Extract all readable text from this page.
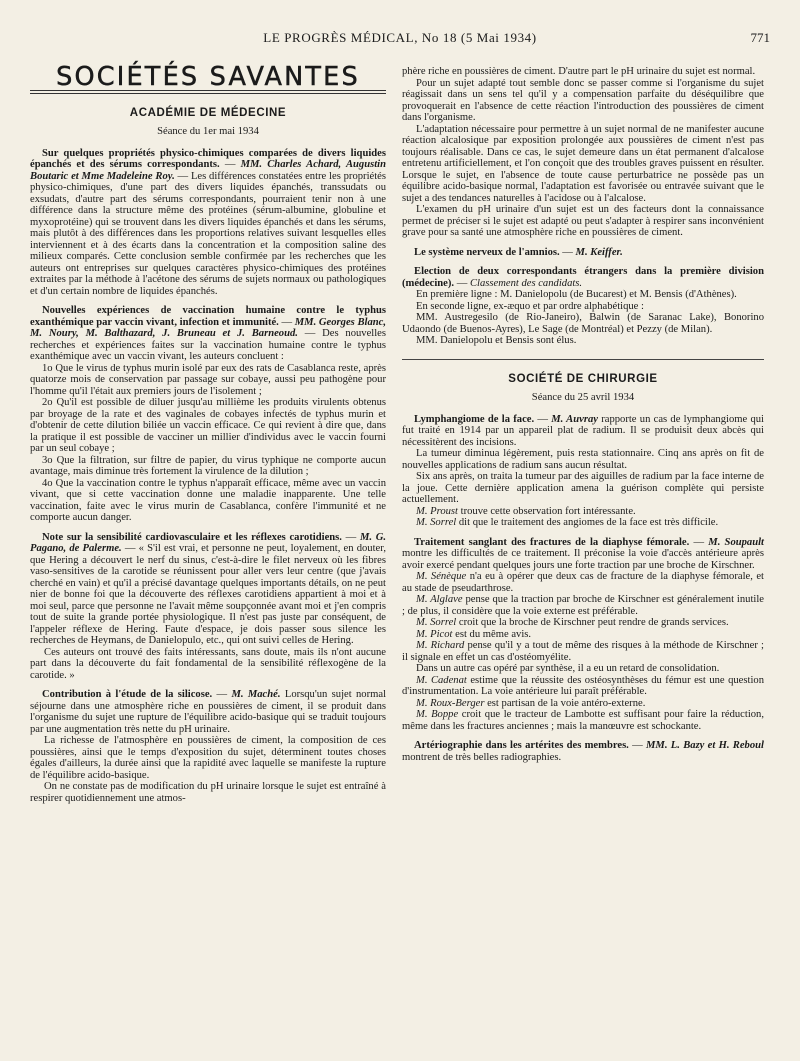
LE PROGRÈS MÉDICAL, No 18 (5 Mai 1934)	771
SOCIÉTÉS SAVANTES
ACADÉMIE DE MÉDECINE
Séance du 1er mai 1934

Sur quelques propriétés physico-chimiques comparées de divers liquides épanchés et des sérums correspondants. — MM. Charles Achard, Augustin Boutaric et Mme Madeleine Roy. — Les différences constatées entre les propriétés physico-chimiques, d'une part des divers liquides épanchés, transsudats ou exsudats, d'autre part des sérums correspondants, pourraient tenir non à une différence dans la structure même des protéines (sérum-albumine, globuline et myxoprotéine) qui se trouvent dans les divers liquides épanchés et dans les sérums, mais plutôt à des différences dans les proportions relatives suivant lesquelles elles interviennent et à des écarts dans la concentration et la composition saline des milieux comparés. Cette conclusion semble confirmée par les recherches que les auteurs ont entreprises sur quelques caractères physico-chimiques des protéines extraites par la méthode à l'acétone des sérums de sujets normaux ou pathologiques et d'un certain nombre de liquides épanchés.

Nouvelles expériences de vaccination humaine contre le typhus exanthémique par vaccin vivant, infection et immunité. — MM. Georges Blanc, M. Noury, M. Balthazard, J. Bruneau et J. Barneoud. — Des nouvelles recherches et expériences faites sur la vaccination humaine contre le typhus exanthémique avec un vaccin vivant, les auteurs concluent :

1o Que le virus de typhus murin isolé par eux des rats de Casablanca reste, après quatorze mois de conservation par passage sur cobaye, aussi peu pathogène pour l'homme qu'il l'était aux premiers jours de l'isolement ;

2o Qu'il est possible de diluer jusqu'au millième les produits virulents obtenus par broyage de la rate et des vaginales de cobayes infectés de typhus murin et d'obtenir de cette dilution biliée un vaccin efficace. Ce qui revient à dire que, dans la pratique il est possible de vacciner un millier d'individus avec le vaccin fourni par un seul cobaye ;

3o Que la filtration, sur filtre de papier, du virus typhique ne comporte aucun avantage, mais diminue très fortement la virulence de la dilution ;

4o Que la vaccination contre le typhus n'apparaît efficace, même avec un vaccin vivant, que si cette vaccination donne une maladie inapparente. Une telle vaccination, faite avec le virus murin de Casablanca, confère l'immunité et ne comporte aucun danger.

Note sur la sensibilité cardiovasculaire et les réflexes carotidiens. — M. G. Pagano, de Palerme. — « S'il est vrai, et personne ne peut, loyalement, en douter, que Hering a découvert le nerf du sinus, c'est-à-dire le filet nerveux où les fibres vaso-sensitives de la carotide se réunissent pour aller vers leur centre (que j'avais cherché en vain) et qu'il a précisé davantage quelques importants détails, on ne peut nier de bonne foi que la découverte des réflexes carotidiens appartient à moi et à moi seul, parce que personne ne l'avait même soupçonnée avant moi et j'en compris tout de suite la grande portée physiologique. Il n'est pas juste par conséquent, de l'appeler réflexe de Hering. Faute d'espace, je dois passer sous silence les recherches de Heymans, de Danielopulo, etc., qui ont suivi celles de Hering.

Ces auteurs ont trouvé des faits intéressants, sans doute, mais ils n'ont aucune part dans la découverte du fait fondamental de la sensibilité réflexogène de la carotide. »

Contribution à l'étude de la silicose. — M. Maché. Lorsqu'un sujet normal séjourne dans une atmosphère riche en poussières de ciment, il se produit dans l'organisme du sujet une rupture de l'équilibre acido-basique qui se traduit toujours par une augmentation très nette du pH urinaire.

La richesse de l'atmosphère en poussières de ciment, la composition de ces poussières, ainsi que le temps d'exposition du sujet, déterminent toutes choses égales d'ailleurs, la durée ainsi que la rapidité avec laquelle se manifeste la rupture de l'équilibre acido-basique.

On ne constate pas de modification du pH urinaire lorsque le sujet est entraîné à respirer quotidiennement une atmos-

phère riche en poussières de ciment. D'autre part le pH urinaire du sujet est normal.

Pour un sujet adapté tout semble donc se passer comme si l'organisme du sujet réagissait dans un sens tel qu'il y a compensation parfaite du déséquilibre que provoquerait en l'absence de cette réaction l'introduction des poussières de ciment dans l'organisme.

L'adaptation nécessaire pour permettre à un sujet normal de ne manifester aucune réaction alcalosique par exposition prolongée aux poussières de ciment n'est pas toujours réalisable. Dans ce cas, le sujet demeure dans un état permanent d'alcalose entretenu artificiellement, et l'on conçoit que des troubles graves puissent en résulter. Lorsque le sujet, en l'absence de toute cause perturbatrice ne possède pas un équilibre acido-basique normal, l'adaptation est favorisée ou entravée suivant que le sujet a des tendances naturelles à l'acidose ou à l'alcalose.

L'examen du pH urinaire d'un sujet est un des facteurs dont la connaissance permet de préciser si le sujet est adapté ou peut s'adapter à respirer sans inconvénient grave pour sa santé une atmosphère riche en poussières de ciment.

Le système nerveux de l'amnios. — M. Keiffer.

Election de deux correspondants étrangers dans la première division (médecine). — Classement des candidats.

En première ligne : M. Danielopolu (de Bucarest) et M. Bensis (d'Athènes).

En seconde ligne, ex-æquo et par ordre alphabétique :

MM. Austregesilo (de Rio-Janeiro), Balwin (de Saranac Lake), Bonorino Udaondo (de Buenos-Ayres), Le Sage (de Montréal) et Pezzy (de Milan).

MM. Danielopolu et Bensis sont élus.

SOCIÉTÉ DE CHIRURGIE
Séance du 25 avril 1934

Lymphangiome de la face. — M. Auvray rapporte un cas de lymphangiome qui fut traité en 1914 par un appareil plat de radium. Il se produisit deux abcès qui nécessitèrent des incisions.

La tumeur diminua légèrement, puis resta stationnaire. Cinq ans après on fit de nouvelles applications de radium sans aucun résultat.

Six ans après, on traita la tumeur par des aiguilles de radium par la face interne de la joue. Cette dernière application amena la guérison complète qui persiste actuellement.

M. Proust trouve cette observation fort intéressante.

M. Sorrel dit que le traitement des angiomes de la face est très difficile.

Traitement sanglant des fractures de la diaphyse fémorale. — M. Soupault montre les difficultés de ce traitement. Il préconise la voie d'accès antérieure après avoir exercé pendant quelques jours une forte traction par une broche de Kirschner.

M. Sénèque n'a eu à opérer que deux cas de fracture de la diaphyse fémorale, et au stade de pseudarthrose.

M. Alglave pense que la traction par broche de Kirschner est généralement inutile ; de plus, il considère que la voie externe est préférable.

M. Sorrel croit que la broche de Kirschner peut rendre de grands services.

M. Picot est du même avis.

M. Richard pense qu'il y a tout de même des risques à la méthode de Kirschner ; il signale en effet un cas d'ostéomyélite.

Dans un autre cas opéré par synthèse, il a eu un retard de consolidation.

M. Cadenat estime que la réussite des ostéosynthèses du fémur est une question d'instrumentation. La voie antérieure lui paraît préférable.

M. Roux-Berger est partisan de la voie antéro-externe.

M. Boppe croit que le tracteur de Lambotte est suffisant pour faire la réduction, même dans les fractures anciennes ; mais la manœuvre est schockante.

Artériographie dans les artérites des membres. — MM. L. Bazy et H. Reboul montrent de très belles radiographies.
